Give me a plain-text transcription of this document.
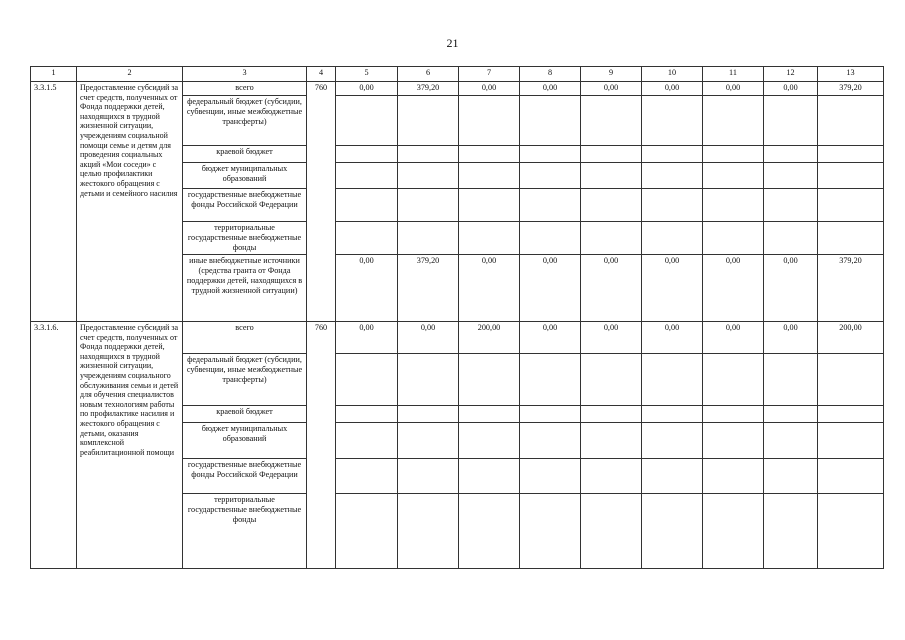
21
1	2	3	4	5	6	7	8	9	10	11	12	13
3.3.1.5	Предоставление субсидий за счет средств, полученных от Фонда поддержки детей, находящихся в трудной жизненной ситуации, учреждениям социальной помощи семье и детям для проведения социальных акций «Мои соседи» с целью профилактики жестокого обращения с детьми и семейного насилия	всего	760	0,00	379,20	0,00	0,00	0,00	0,00	0,00	0,00	379,20
		федеральный бюджет (субсидии, субвенции, иные межбюджетные трансферты)										
		краевой бюджет										
		бюджет муниципальных образований										
		государственные внебюджетные фонды Российской Федерации										
		территориальные государственные внебюджетные фонды										
		иные внебюджетные источники (средства гранта от Фонда поддержки детей, находящихся в трудной жизненной ситуации)		0,00	379,20	0,00	0,00	0,00	0,00	0,00	0,00	379,20
3.3.1.6.	Предоставление субсидий за счет средств, полученных от Фонда поддержки детей, находящихся в трудной жизненной ситуации, учреждениям социального обслуживания семьи и детей для обучения специалистов новым технологиям работы по профилактике насилия и жестокого обращения с детьми, оказания комплексной реабилитационной помощи	всего	760	0,00	0,00	200,00	0,00	0,00	0,00	0,00	0,00	200,00
		федеральный бюджет (субсидии, субвенции, иные межбюджетные трансферты)										
		краевой бюджет										
		бюджет муниципальных образований										
		государственные внебюджетные фонды Российской Федерации										
		территориальные государственные внебюджетные фонды										
